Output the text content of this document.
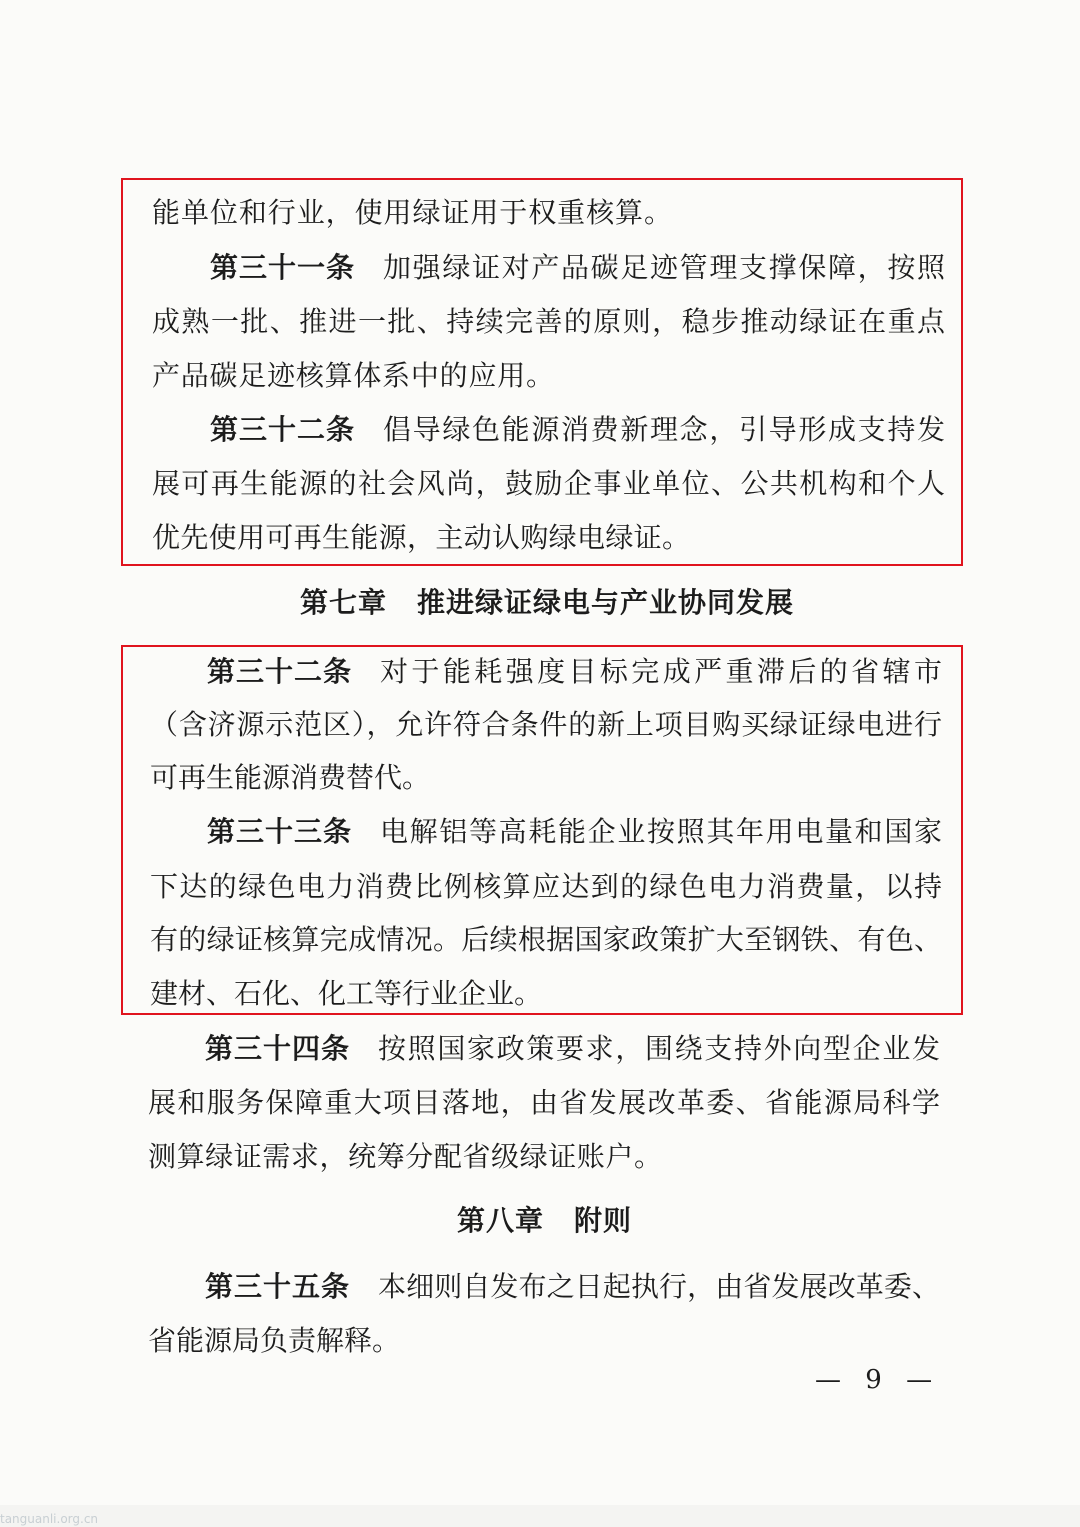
能单位和行业，使用绿证用于权重核算。
第三十一条 加强绿证对产品碳足迹管理支撑保障，按照
成熟一批、推进一批、持续完善的原则，稳步推动绿证在重点
产品碳足迹核算体系中的应用。
第三十二条 倡导绿色能源消费新理念，引导形成支持发
展可再生能源的社会风尚，鼓励企事业单位、公共机构和个人
优先使用可再生能源，主动认购绿电绿证。
第七章 推进绿证绿电与产业协同发展
第三十二条 对于能耗强度目标完成严重滞后的省辖市
（含济源示范区），允许符合条件的新上项目购买绿证绿电进行
可再生能源消费替代。
第三十三条 电解铝等高耗能企业按照其年用电量和国家
下达的绿色电力消费比例核算应达到的绿色电力消费量，以持
有的绿证核算完成情况。后续根据国家政策扩大至钢铁、有色、
建材、石化、化工等行业企业。
第三十四条 按照国家政策要求，围绕支持外向型企业发
展和服务保障重大项目落地，由省发展改革委、省能源局科学
测算绿证需求，统筹分配省级绿证账户。
第八章 附则
第三十五条 本细则自发布之日起执行，由省发展改革委、
省能源局负责解释。
— 9 —
tanguanli.org.cn
